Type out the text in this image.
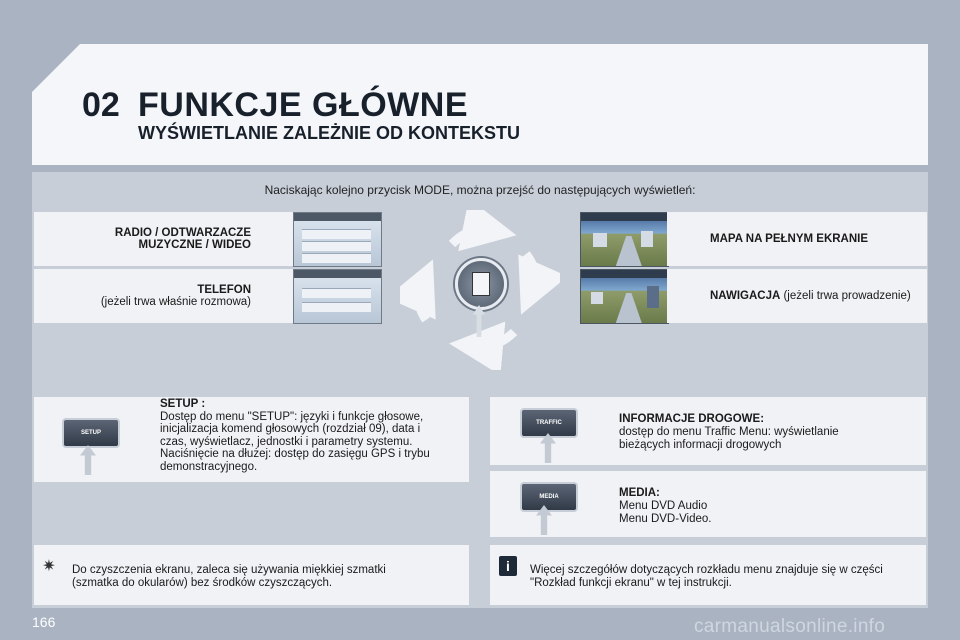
02 FUNKCJE GŁÓWNE
WYŚWIETLANIE ZALEŻNIE OD KONTEKSTU
Naciskając kolejno przycisk MODE, można przejść do następujących wyświetleń:
RADIO / ODTWARZACZE
MUZYCZNE / WIDEO
TELEFON
(jeżeli trwa właśnie rozmowa)
MAPA NA PEŁNYM EKRANIE
NAWIGACJA (jeżeli trwa prowadzenie)
SETUP
SETUP :
Dostęp do menu "SETUP": języki i funkcje głosowe,
inicjalizacja komend głosowych (rozdział 09), data i
czas, wyświetlacz, jednostki i parametry systemu.
Naciśnięcie na dłużej: dostęp do zasięgu GPS i trybu
demonstracyjnego.
TRAFFIC	INFORMACJE DROGOWE:
dostęp do menu Traffic Menu: wyświetlanie
bieżących informacji drogowych
MEDIA	MEDIA:
Menu DVD Audio
Menu DVD-Video.
✷ Do czyszczenia ekranu, zaleca się używania miękkiej szmatki
(szmatka do okularów) bez środków czyszczących.
i	Więcej szczegółów dotyczących rozkładu menu znajduje się w części
"Rozkład funkcji ekranu" w tej instrukcji.
166	carmanualsonline.info
